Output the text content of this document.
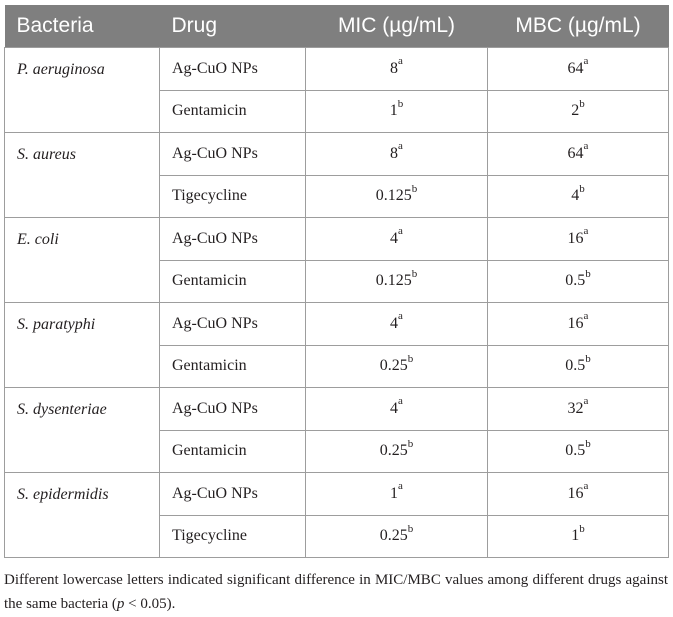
Bacteria	Drug	MIC (µg/mL)	MBC (µg/mL)
P. aeruginosa	Ag-CuO NPs	8$^a$	64$^a$
	Gentamicin	1$^b$	2$^b$
S. aureus	Ag-CuO NPs	8$^a$	64$^a$
	Tigecycline	0.125$^b$	4$^b$
E. coli	Ag-CuO NPs	4$^a$	16$^a$
	Gentamicin	0.125$^b$	0.5$^b$
S. paratyphi	Ag-CuO NPs	4$^a$	16$^a$
	Gentamicin	0.25$^b$	0.5$^b$
S. dysenteriae	Ag-CuO NPs	4$^a$	32$^a$
	Gentamicin	0.25$^b$	0.5$^b$
S. epidermidis	Ag-CuO NPs	1$^a$	16$^a$
	Tigecycline	0.25$^b$	1$^b$
Different lowercase letters indicated significant difference in MIC/MBC values among different drugs against the same bacteria (p < 0.05).
